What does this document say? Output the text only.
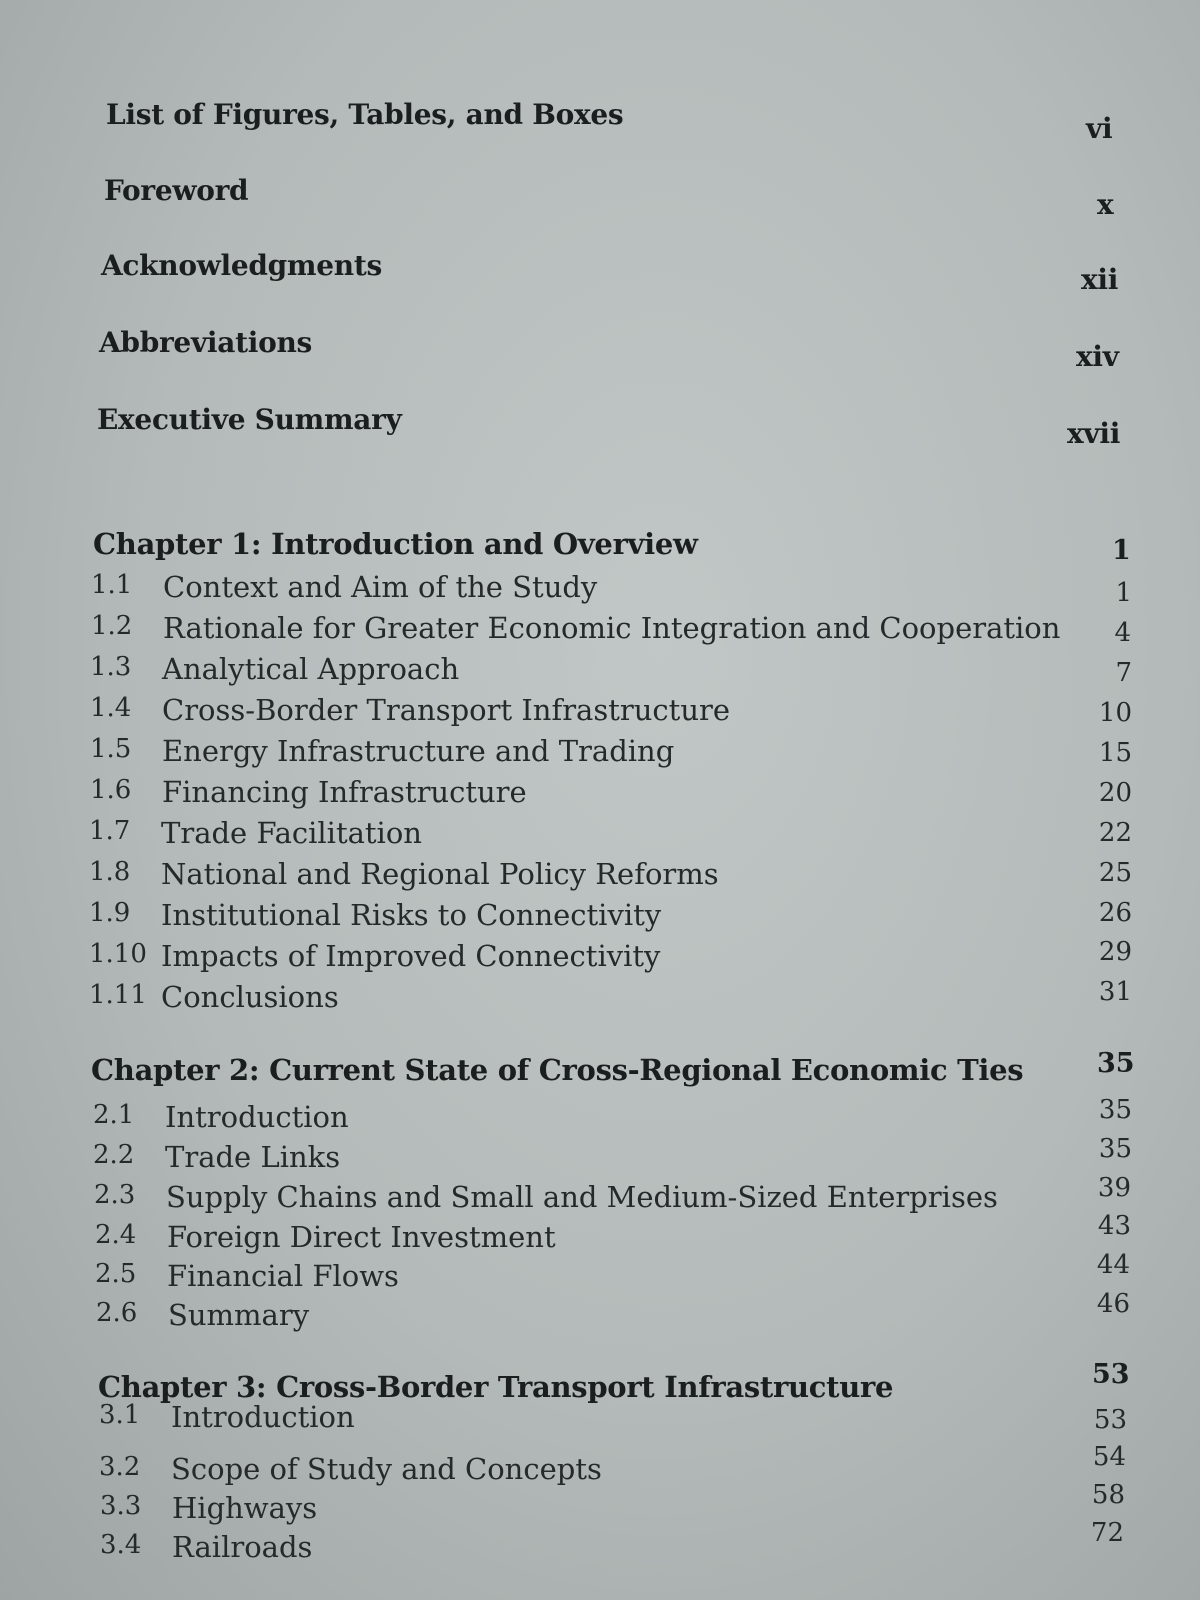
List of Figures, Tables, and Boxes	vi
Foreword	x
Acknowledgments	xii
Abbreviations	xiv
Executive Summary	xvii
Chapter 1: Introduction and Overview	1
1.1 Context and Aim of the Study	1
1.2 Rationale for Greater Economic Integration and Cooperation	4
1.3 Analytical Approach	7
1.4 Cross-Border Transport Infrastructure	10
1.5 Energy Infrastructure and Trading	15
1.6 Financing Infrastructure	20
1.7 Trade Facilitation	22
1.8 National and Regional Policy Reforms	25
1.9 Institutional Risks to Connectivity	26
1.10 Impacts of Improved Connectivity	29
1.11 Conclusions	31
Chapter 2: Current State of Cross-Regional Economic Ties	35
2.1 Introduction	35
2.2 Trade Links	35
2.3 Supply Chains and Small and Medium-Sized Enterprises	39
2.4 Foreign Direct Investment	43
2.5 Financial Flows	44
2.6 Summary	46
Chapter 3: Cross-Border Transport Infrastructure	53
3.1 Introduction	53
3.2 Scope of Study and Concepts	54
3.3 Highways	58
3.4 Railroads	72
